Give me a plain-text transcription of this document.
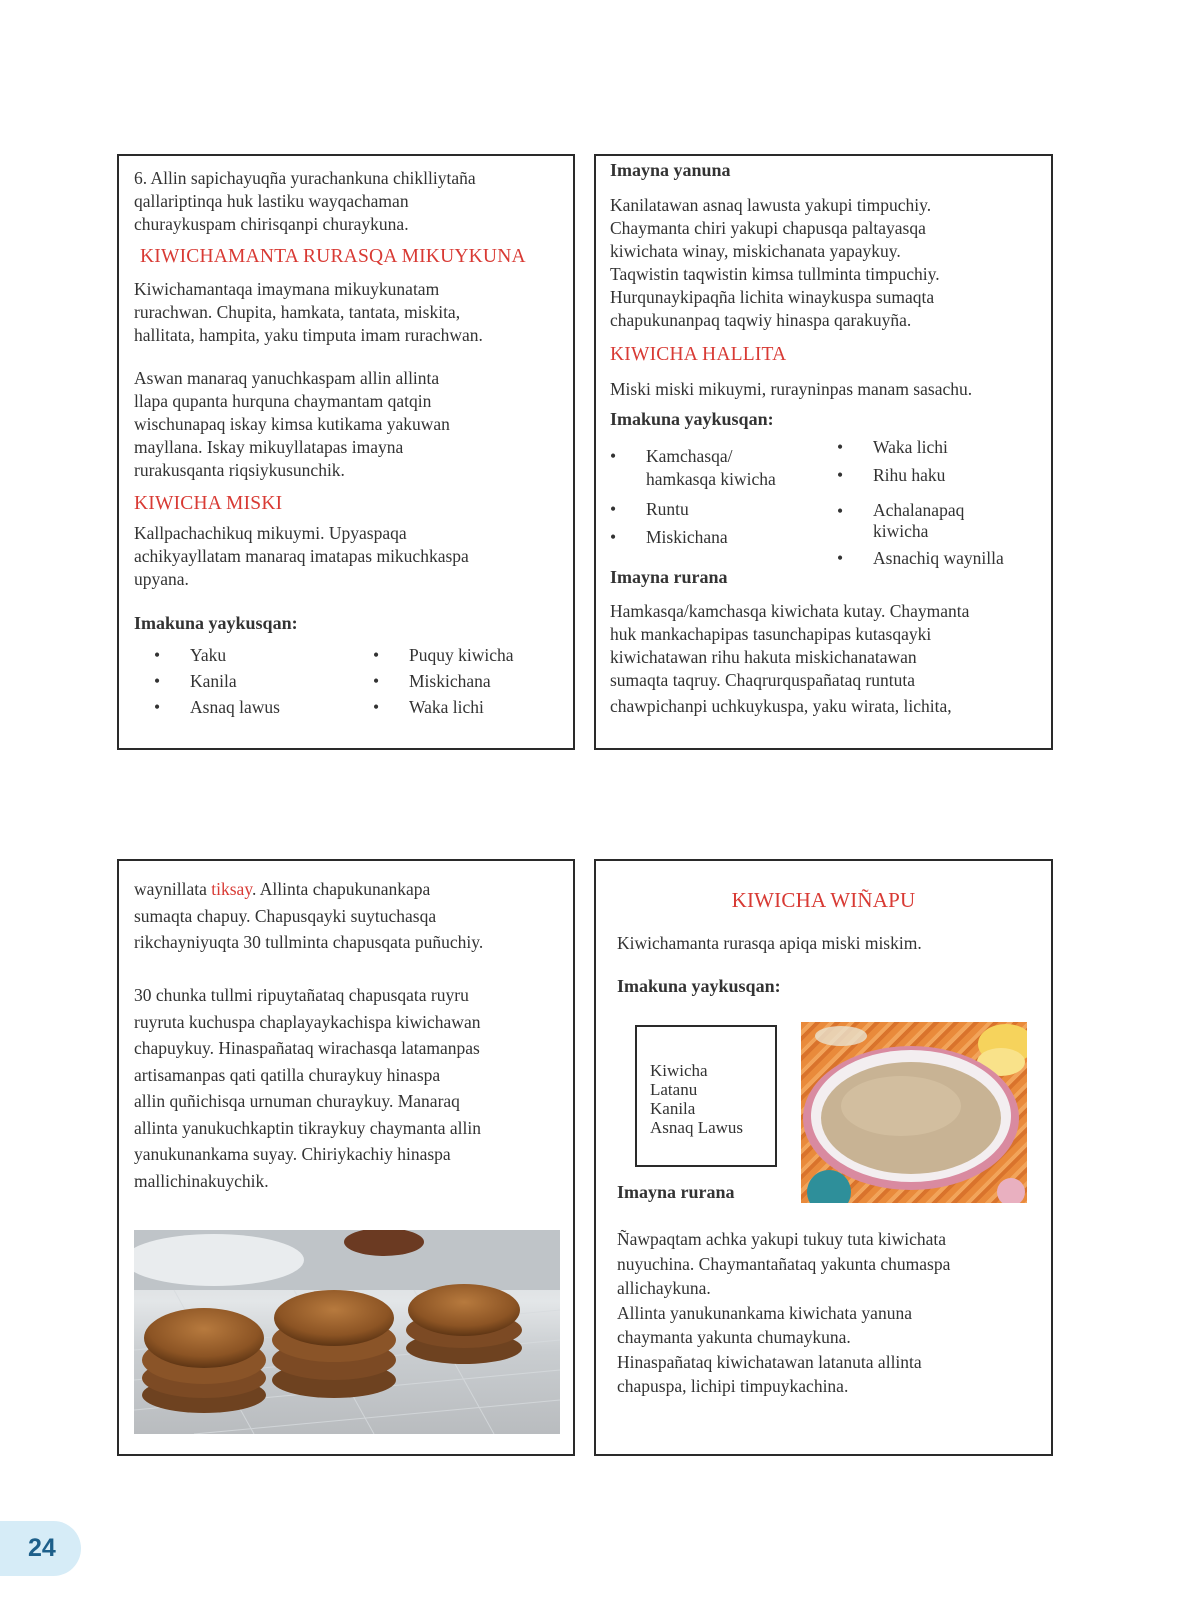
6. Allin sapichayuqña yurachankuna chiklliytaña
qallariptinqa huk lastiku wayqachaman
churaykuspam chirisqanpi churaykuna.
KIWICHAMANTA RURASQA MIKUYKUNA
Kiwichamantaqa imaymana mikuykunatam
rurachwan. Chupita, hamkata, tantata, miskita,
hallitata, hampita, yaku timputa imam rurachwan.
Aswan manaraq yanuchkaspam allin allinta
llapa qupanta hurquna chaymantam qatqin
wischunapaq iskay kimsa kutikama yakuwan
mayllana. Iskay mikuyllatapas imayna
rurakusqanta riqsiykusunchik.
KIWICHA MISKI
Kallpachachikuq mikuymi. Upyaspaqa
achikyayllatam manaraq imatapas mikuchkaspa
upyana.
Imakuna yaykusqan:
• Yaku
• Kanila
• Asnaq lawus
• Puquy kiwicha
• Miskichana
• Waka lichi
Imayna yanuna
Kanilatawan asnaq lawusta yakupi timpuchiy.
Chaymanta chiri yakupi chapusqa paltayasqa
kiwichata winay, miskichanata yapaykuy.
Taqwistin taqwistin kimsa tullminta timpuchiy.
Hurqunaykipaqña lichita winaykuspa sumaqta
chapukunanpaq taqwiy hinaspa qarakuyña.
KIWICHA HALLITA
Miski miski mikuymi, rurayninpas manam sasachu.
Imakuna yaykusqan:
• Kamchasqa/
hamkasqa kiwicha
• Runtu
• Miskichana
• Waka lichi
• Rihu haku
• Achalanapaq
kiwicha
• Asnachiq waynilla
Imayna rurana
Hamkasqa/kamchasqa kiwichata kutay. Chaymanta
huk mankachapipas tasunchapipas kutasqayki
kiwichatawan rihu hakuta miskichanatawan
sumaqta taqruy. Chaqrurquspañataq runtuta
chawpichanpi uchkuykuspa, yaku wirata, lichita,
waynillata tiksay. Allinta chapukunankapa
sumaqta chapuy. Chapusqayki suytuchasqa
rikchayniyuqta 30 tullminta chapusqata puñuchiy.
30 chunka tullmi ripuytañataq chapusqata ruyru
ruyruta kuchuspa chaplayaykachispa kiwichawan
chapuykuy. Hinaspañataq wirachasqa latamanpas
artisamanpas qati qatilla churaykuy hinaspa
allin quñichisqa urnuman churaykuy. Manaraq
allinta yanukuchkaptin tikraykuy chaymanta allin
yanukunankama suyay. Chiriykachiy hinaspa
mallichinakuychik.
KIWICHA WIÑAPU
Kiwichamanta rurasqa apiqa miski miskim.
Imakuna yaykusqan:
Kiwicha
Latanu
Kanila
Asnaq Lawus
Imayna rurana
Ñawpaqtam achka yakupi tukuy tuta kiwichata
nuyuchina. Chaymantañataq yakunta chumaspa
allichaykuna.
Allinta yanukunankama kiwichata yanuna
chaymanta yakunta chumaykuna.
Hinaspañataq kiwichatawan latanuta allinta
chapuspa, lichipi timpuykachina.
24
